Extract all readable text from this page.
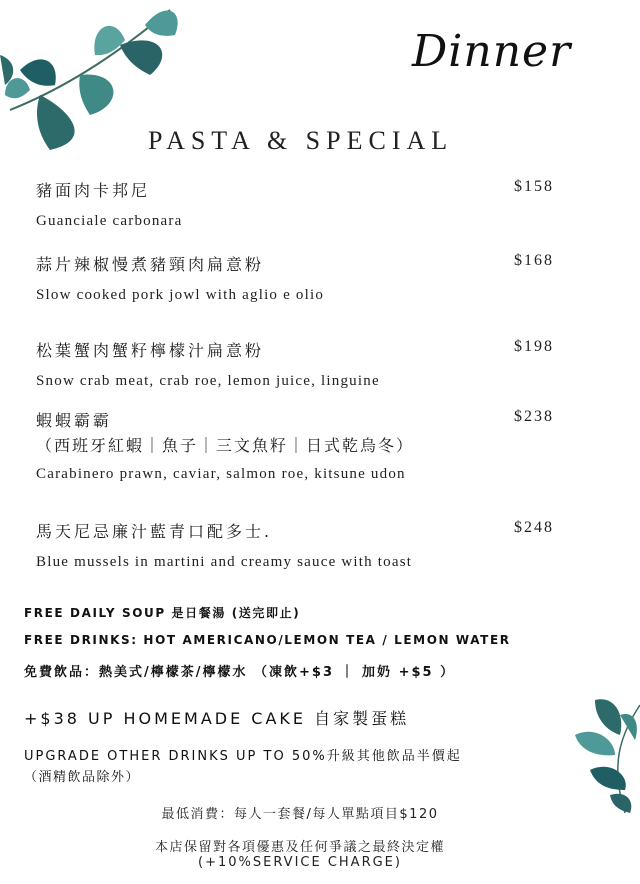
Dinner
PASTA & SPECIAL
豬面肉卡邦尼
Guanciale carbonara
$158
蒜片辣椒慢煮豬頸肉扁意粉
Slow cooked pork jowl with aglio e olio
$168
松葉蟹肉蟹籽檸檬汁扁意粉
Snow crab meat, crab roe, lemon juice, linguine
$198
蝦蝦霸霸
（西班牙紅蝦｜魚子｜三文魚籽｜日式乾烏冬）
Carabinero prawn, caviar, salmon roe, kitsune udon
$238
馬天尼忌廉汁藍青口配多士.
Blue mussels in martini and creamy sauce with toast
$248
FREE DAILY SOUP 是日餐湯 (送完即止)
FREE DRINKS: HOT AMERICANO/LEMON TEA / LEMON WATER
免費飲品：熱美式/檸檬茶/檸檬水 （凍飲+$3 ｜ 加奶 +$5 ）
+$38 UP HOMEMADE CAKE 自家製蛋糕
UPGRADE OTHER DRINKS UP TO 50%升級其他飲品半價起
（酒精飲品除外）
最低消費：每人一套餐/每人單點項目$120
本店保留對各項優惠及任何爭議之最終決定權
(+10%SERVICE CHARGE)
